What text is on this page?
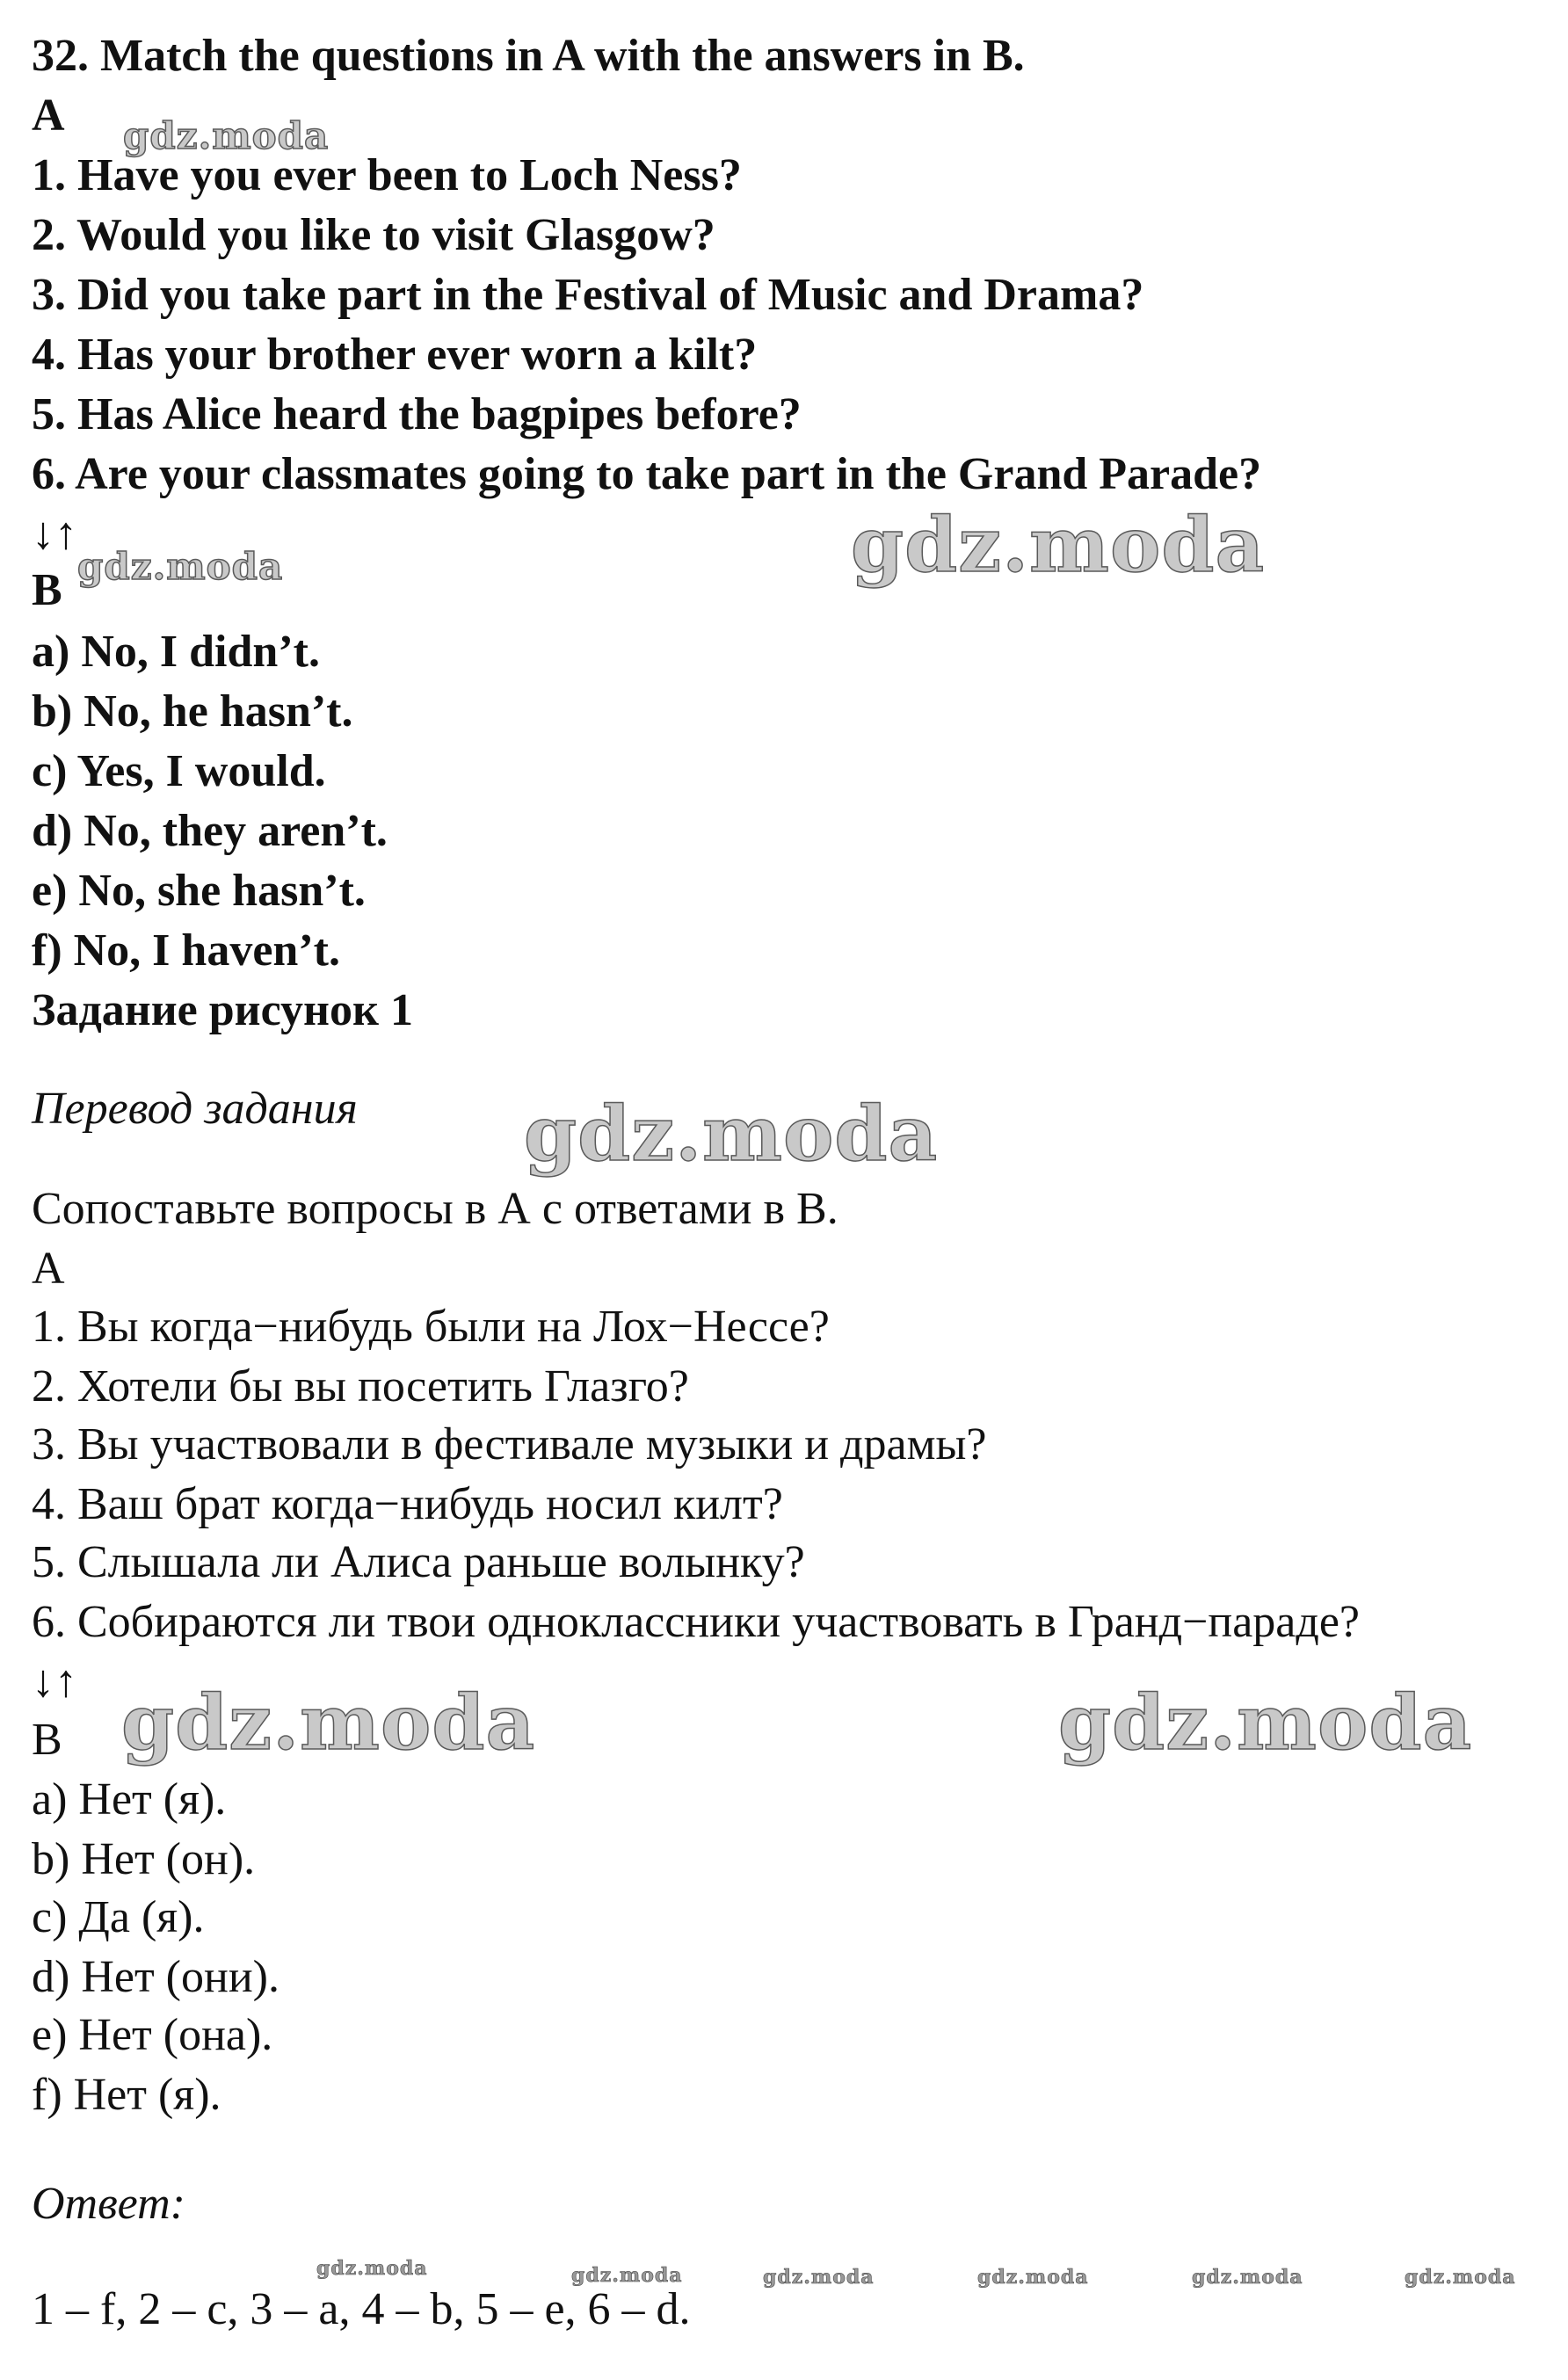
32. Match the questions in A with the answers in B.

A

1. Have you ever been to Loch Ness?

2. Would you like to visit Glasgow?

3. Did you take part in the Festival of Music and Drama?

4. Has your brother ever worn a kilt?

5. Has Alice heard the bagpipes before?

6. Are your classmates going to take part in the Grand Parade?

↓↑

B

a) No, I didn’t.

b) No, he hasn’t.

c) Yes, I would.

d) No, they aren’t.

e) No, she hasn’t.

f) No, I haven’t.

Задание рисунок 1

Перевод задания

Сопоставьте вопросы в А с ответами в В.

А

1. Вы когда−нибудь были на Лох−Нессе?

2. Хотели бы вы посетить Глазго?

3. Вы участвовали в фестивале музыки и драмы?

4. Ваш брат когда−нибудь носил килт?

5. Слышала ли Алиса раньше волынку?

6. Собираются ли твои одноклассники участвовать в Гранд−параде?

↓↑

В

a) Нет (я).

b) Нет (он).

c) Да (я).

d) Нет (они).

e) Нет (она).

f) Нет (я).

Ответ:

1 – f, 2 – c, 3 – a, 4 – b, 5 – e, 6 – d.

gdz.moda
gdz.moda	gdz.moda
gdz.moda
gdz.moda	gdz.moda
gdz.moda	gdz.moda	gdz.moda	gdz.moda	gdz.moda	gdz.moda
